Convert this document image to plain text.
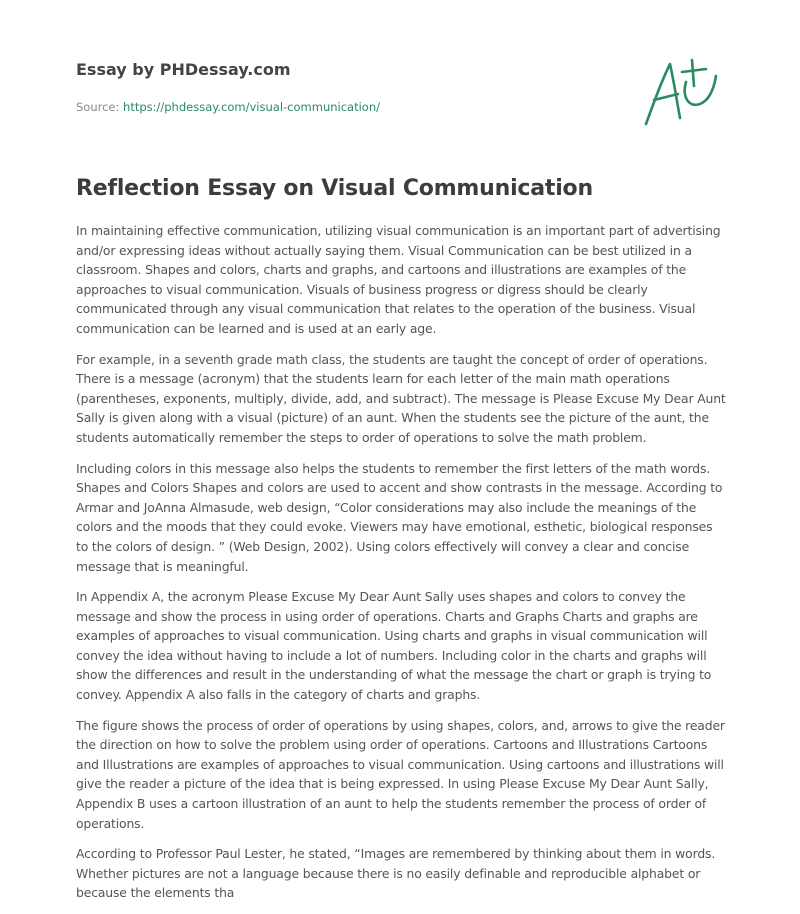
Essay by PHDessay.com
Source: https://phdessay.com/visual-communication/
Reflection Essay on Visual Communication

In maintaining effective communication, utilizing visual communication is an important part of advertising and/or expressing ideas without actually saying them. Visual Communication can be best utilized in a classroom. Shapes and colors, charts and graphs, and cartoons and illustrations are examples of the approaches to visual communication. Visuals of business progress or digress should be clearly communicated through any visual communication that relates to the operation of the business. Visual communication can be learned and is used at an early age.

For example, in a seventh grade math class, the students are taught the concept of order of operations. There is a message (acronym) that the students learn for each letter of the main math operations (parentheses, exponents, multiply, divide, add, and subtract). The message is Please Excuse My Dear Aunt Sally is given along with a visual (picture) of an aunt. When the students see the picture of the aunt, the students automatically remember the steps to order of operations to solve the math problem.

Including colors in this message also helps the students to remember the first letters of the math words. Shapes and Colors Shapes and colors are used to accent and show contrasts in the message. According to Armar and JoAnna Almasude, web design, “Color considerations may also include the meanings of the colors and the moods that they could evoke. Viewers may have emotional, esthetic, biological responses to the colors of design. ” (Web Design, 2002). Using colors effectively will convey a clear and concise message that is meaningful.

In Appendix A, the acronym Please Excuse My Dear Aunt Sally uses shapes and colors to convey the message and show the process in using order of operations. Charts and Graphs Charts and graphs are examples of approaches to visual communication. Using charts and graphs in visual communication will convey the idea without having to include a lot of numbers. Including color in the charts and graphs will show the differences and result in the understanding of what the message the chart or graph is trying to convey. Appendix A also falls in the category of charts and graphs.

The figure shows the process of order of operations by using shapes, colors, and, arrows to give the reader the direction on how to solve the problem using order of operations. Cartoons and Illustrations Cartoons and Illustrations are examples of approaches to visual communication. Using cartoons and illustrations will give the reader a picture of the idea that is being expressed. In using Please Excuse My Dear Aunt Sally, Appendix B uses a cartoon illustration of an aunt to help the students remember the process of order of operations.

According to Professor Paul Lester, he stated, “Images are remembered by thinking about them in words. Whether pictures are not a language because there is no easily definable and reproducible alphabet or because the elements tha
